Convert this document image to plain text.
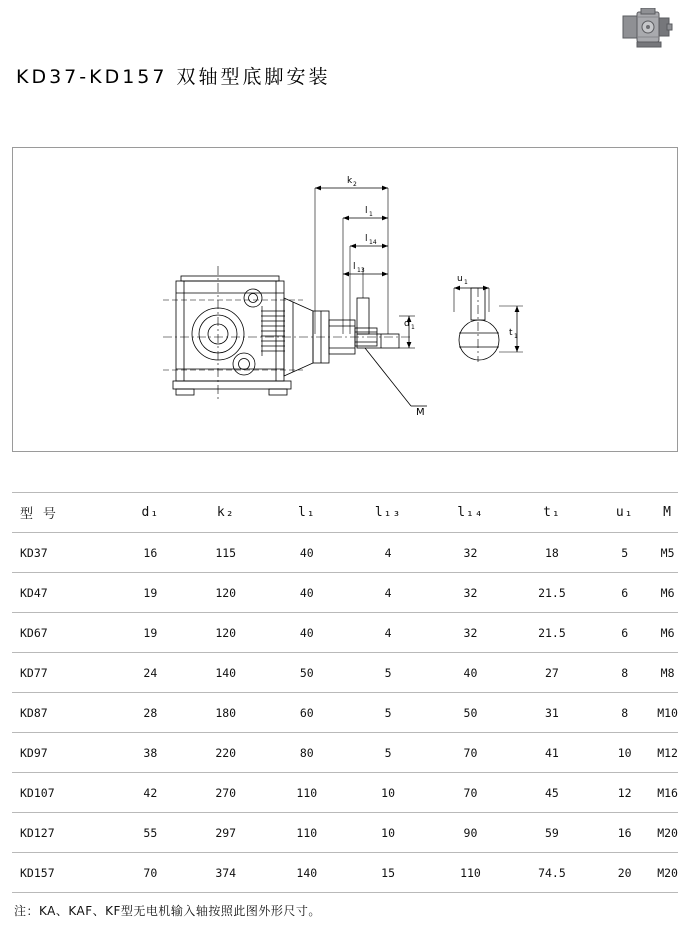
KD37-KD157 双轴型底脚安装
k 2
l 1
l 14
l 13
d 1
u 1
t 1
M
型 号	d₁	k₂	l₁	l₁₃	l₁₄	t₁	u₁	M
KD37	16	115	40	4	32	18	5	M5
KD47	19	120	40	4	32	21.5	6	M6
KD67	19	120	40	4	32	21.5	6	M6
KD77	24	140	50	5	40	27	8	M8
KD87	28	180	60	5	50	31	8	M10
KD97	38	220	80	5	70	41	10	M12
KD107	42	270	110	10	70	45	12	M16
KD127	55	297	110	10	90	59	16	M20
KD157	70	374	140	15	110	74.5	20	M20
注：KA、KAF、KF型无电机输入轴按照此图外形尺寸。
